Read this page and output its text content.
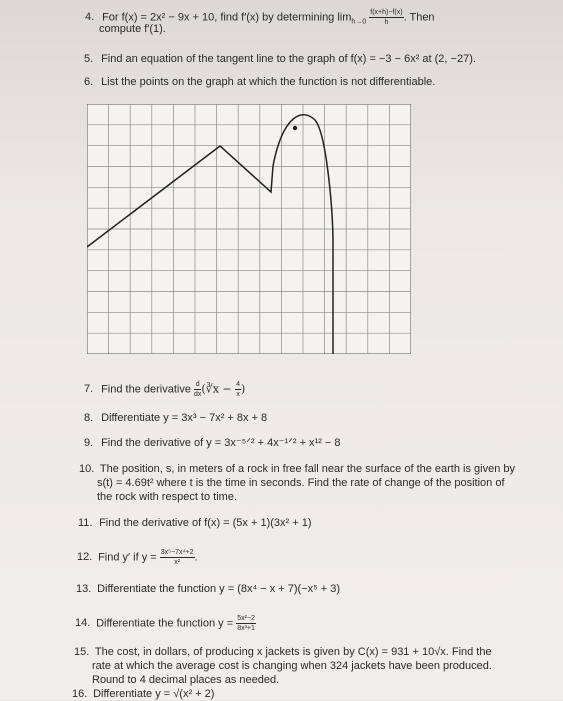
4. For f(x) = 2x² − 9x + 10, find f′(x) by determining $\lim_{h\to 0} \frac{f(x+h)-f(x)}{h}$ . Then
compute f′(1).
5. Find an equation of the tangent line to the graph of f(x) = −3 − 6x² at (2, −27).
6. List the points on the graph at which the function is not differentiable.
7. Find the derivative $\frac{d}{dx}$ (∛x − $\frac{4}{x}$ )
8. Differentiate y = 3x³ − 7x² + 8x + 8
9. Find the derivative of y = 3x⁻⁵ᐟ² + 4x⁻¹ᐟ² + x¹² − 8
10. The position, s, in meters of a rock in free fall near the surface of the earth is given by
s(t) = 4.69t² where t is the time in seconds. Find the rate of change of the position of
the rock with respect to time.
11. Find the derivative of f(x) = (5x + 1)(3x² + 1)
12. Find y′ if $y = \frac{\text{3x⁵−7x⁴+2}}{\text{x²}}$ .
13. Differentiate the function y = (8x⁴ − x + 7)(−x⁵ + 3)
14. Differentiate the function $y = \frac{\text{5x²−2}}{\text{8x³+1}}$
15. The cost, in dollars, of producing x jackets is given by C(x) = 931 + 10√x. Find the
rate at which the average cost is changing when 324 jackets have been produced.
Round to 4 decimal places as needed.
16. Differentiate y = √(x² + 2)
